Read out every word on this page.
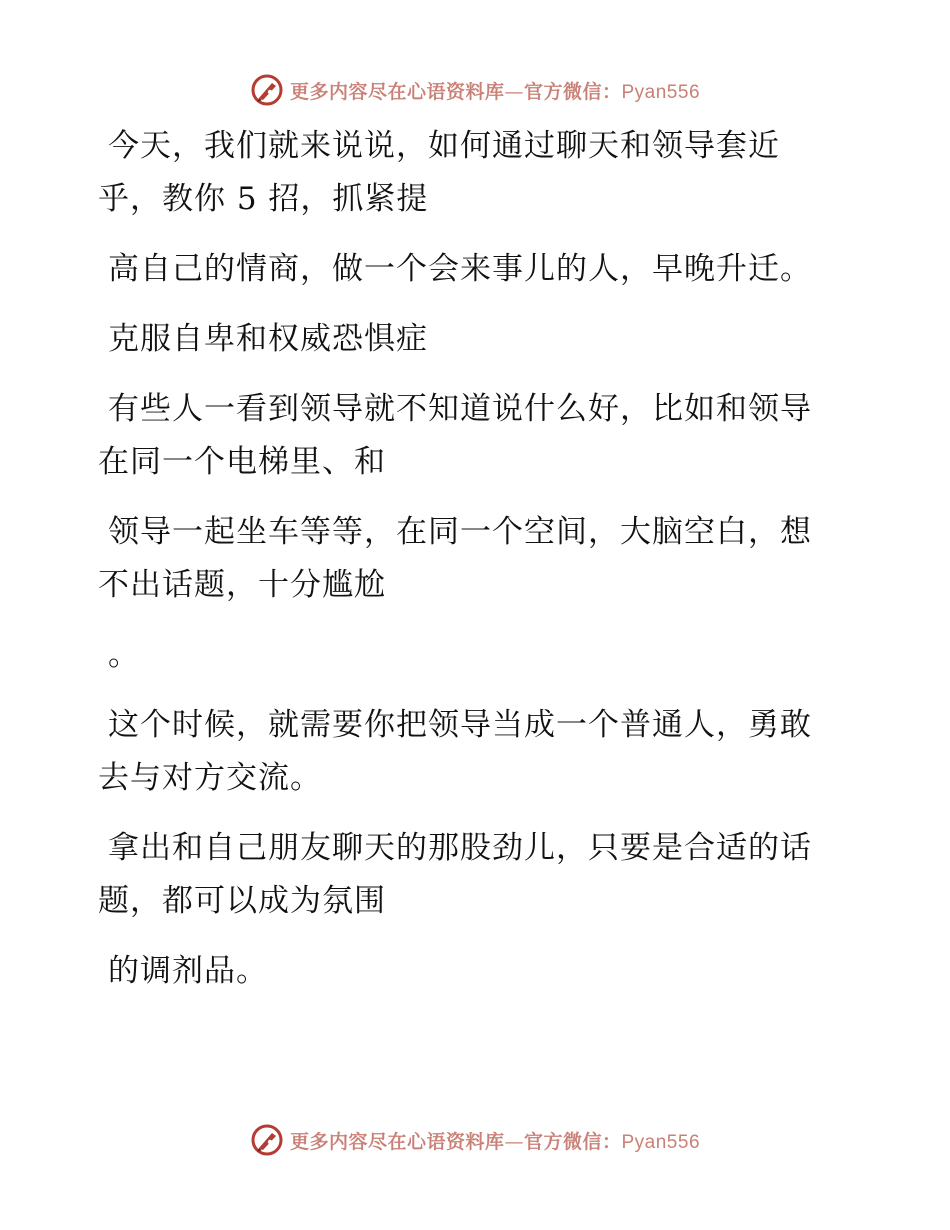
更多内容尽在心语资料库—官方微信：Pyan556

今天，我们就来说说，如何通过聊天和领导套近乎，教你 5 招，抓紧提

高自己的情商，做一个会来事儿的人，早晚升迁。

克服自卑和权威恐惧症

有些人一看到领导就不知道说什么好，比如和领导在同一个电梯里、和

领导一起坐车等等，在同一个空间，大脑空白，想不出话题，十分尴尬

。

这个时候，就需要你把领导当成一个普通人，勇敢去与对方交流。

拿出和自己朋友聊天的那股劲儿，只要是合适的话题，都可以成为氛围

的调剂品。

更多内容尽在心语资料库—官方微信：Pyan556
